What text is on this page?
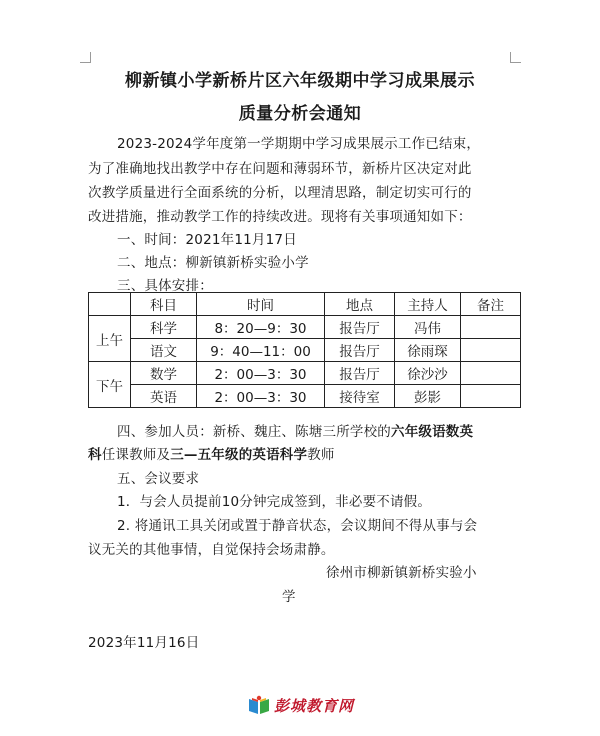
柳新镇小学新桥片区六年级期中学习成果展示
质量分析会通知
2023-2024学年度第一学期期中学习成果展示工作已结束，
为了准确地找出教学中存在问题和薄弱环节，新桥片区决定对此
次教学质量进行全面系统的分析，以理清思路，制定切实可行的
改进措施，推动教学工作的持续改进。现将有关事项通知如下：
一、时间：2021年11月17日
二、地点：柳新镇新桥实验小学
三、具体安排：
	科目	时间	地点	主持人	备注
上午	科学	8：20—9：30	报告厅	冯伟	
	语文	9：40—11：00	报告厅	徐雨琛	
下午	数学	2：00—3：30	报告厅	徐沙沙	
	英语	2：00—3：30	接待室	彭影	
四、参加人员：新桥、魏庄、陈塘三所学校的六年级语数英
科任课教师及三—五年级的英语科学教师
五、会议要求
1．与会人员提前10分钟完成签到，非必要不请假。
2. 将通讯工具关闭或置于静音状态，会议期间不得从事与会
议无关的其他事情，自觉保持会场肃静。
徐州市柳新镇新桥实验小
学
2023年11月16日
彭城教育网
